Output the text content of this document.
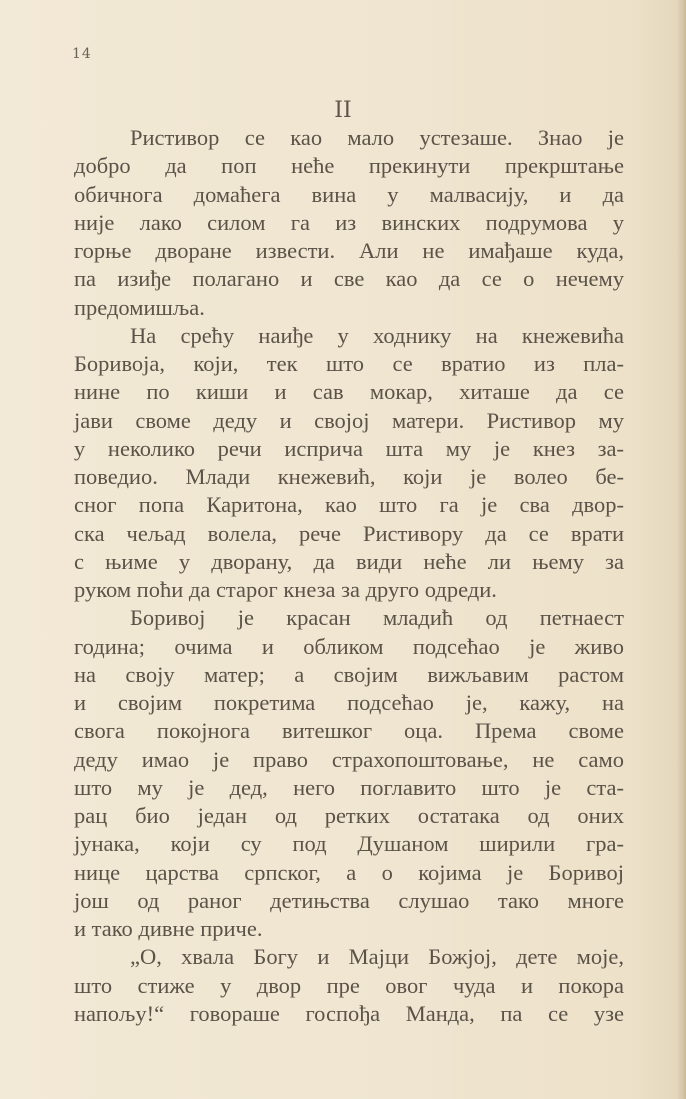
14
II
Ристивор се као мало устезаше. Знао је
добро да поп неће прекинути прекрштање
обичнога домаћега вина у малвасију, и да
није лако силом га из винских подрумова у
горње дворане извести. Али не имађаше куда,
па изиђе полагано и све као да се о нечему
предомишља.
На срећу наиђе у ходнику на кнежевића
Боривоја, који, тек што се вратио из пла-
нине по киши и сав мокар, хиташе да се
јави своме деду и својој матери. Ристивор му
у неколико речи исприча шта му је кнез за-
поведио. Млади кнежевић, који је волео бе-
сног попа Каритона, као што га је сва двор-
ска чељад волела, рече Ристивору да се врати
с њиме у дворану, да види неће ли њему за
руком поћи да старог кнеза за друго одреди.
Боривој је красан младић од петнаест
година; очима и обликом подсећао је живо
на своју матер; а својим вижљавим растом
и својим покретима подсећао је, кажу, на
свога покојнога витешког оца. Према своме
деду имао је право страхопоштовање, не само
што му је дед, него поглавито што је ста-
рац био један од ретких остатака од оних
јунака, који су под Душаном ширили гра-
нице царства српског, а о којима је Боривој
још од раног детињства слушао тако многе
и тако дивне приче.
„О, хвала Богу и Мајци Божјој, дете моје,
што стиже у двор пре овог чуда и покора
напољу!“ говораше госпођа Манда, па се узе
